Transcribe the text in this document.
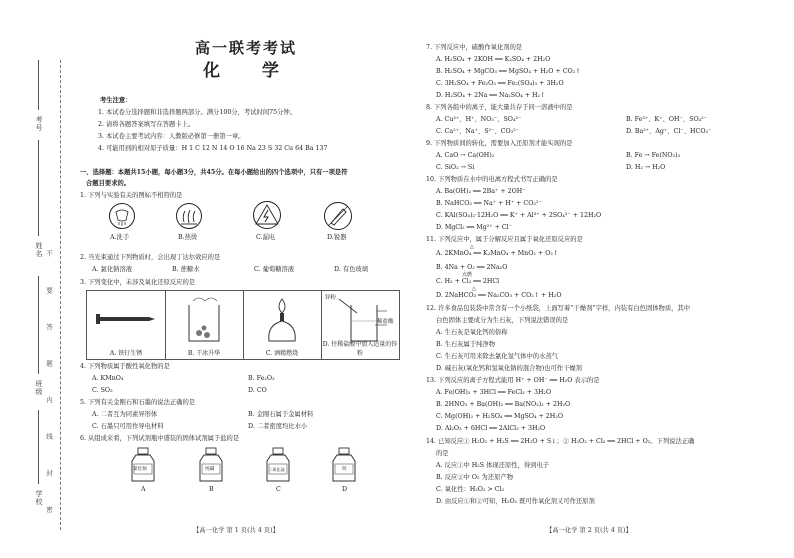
考号
姓名
班级
学校 不 要 答 题 内 线 封 密
高一联考考试
化 学
考生注意：
1. 本试卷分选择题和非选择题两部分。满分100分，考试时间75分钟。
2. 请将各题答案填写在答题卡上。
3. 本试卷主要考试内容：人教版必修第一册第一章。
4. 可能用到的相对原子质量：H 1 C 12 N 14 O 16 Na 23 S 32 Cu 64 Ba 137
一、选择题：本题共15小题，每小题3分，共45分。在每小题给出的四个选项中，只有一项是符
合题目要求的。
1. 下列与实验有关的图标不相符的是
A.洗手	B.热烫	C.漏电	D.锐器
2. 当光束通过下列物质时，会出现丁达尔效应的是
A. 氯化钠溶液	B. 蔗糖水	C. 葡萄糖溶液	D. 有色玻璃
3. 下列变化中，未涉及氧化还原反应的是
A. 铁钉生锈	B. 干冰升华	C. 酒精燃烧
锌粉
稀盐酸
D. 往稀盐酸中加入适量的锌粉
4. 下列物质属于酸性氧化物的是
A. KMnO₄	B. Fe₂O₃
C. SO₃	D. CO
5. 下列有关金刚石和石墨的说法正确的是
A. 二者互为同素异形体	B. 金刚石属于金属材料
C. 石墨只可用作导电材料	D. 二者密度均比水小
6. 从组成来看，下列试剂瓶中盛装的固体试剂属于盐的是
氯化钠	纯碱	二氧化硅	铁
A	B	C	D
【高一化学 第 1 页(共 4 页)】
7. 下列反应中，硫酸作氧化剂的是
A. H₂SO₄ + 2KOH ══ K₂SO₄ + 2H₂O
B. H₂SO₄ + MgCO₃ ══ MgSO₄ + H₂O + CO₂↑
C. 3H₂SO₄ + Fe₂O₃ ══ Fe₂(SO₄)₃ + 3H₂O
D. H₂SO₄ + 2Na ══ Na₂SO₄ + H₂↑
8. 下列各组中的离子，能大量共存于同一溶液中的是
A. Cu²⁺、H⁺、NO₃⁻、SO₄²⁻	B. Fe³⁺、K⁺、OH⁻、SO₄²⁻
C. Ca²⁺、Na⁺、S²⁻、CO₃²⁻	D. Ba²⁺、Ag⁺、Cl⁻、HCO₃⁻
9. 下列物质间的转化，需要加入还原剂才能实现的是
A. CaO → Ca(OH)₂	B. Fe → Fe(NO₃)₃
C. SiO₂ → Si	D. H₂ → H₂O
10. 下列物质在水中的电离方程式书写正确的是
A. Ba(OH)₂ ══ 2Ba⁺ + 2OH⁻
B. NaHCO₃ ══ Na⁺ + H⁺ + CO₃²⁻
C. KAl(SO₄)₂·12H₂O ══ K⁺ + Al³⁺ + 2SO₄²⁻ + 12H₂O
D. MgCl₂ ══ Mg²⁺ + Cl⁻
11. 下列反应中，属于分解反应且属于氧化还原反应的是
△
A. 2KMnO₄ ══ K₂MnO₄ + MnO₂ + O₂↑
B. 4Na + O₂ ══ 2Na₂O
点燃
C. H₂ + Cl₂ ══ 2HCl
△
D. 2NaHCO₃ ══ Na₂CO₃ + CO₂↑ + H₂O
12. 许多食品包装袋中常含有一个小纸袋，上面写着“干燥剂”字样，内装有白色固体物质，其中
白色固体主要成分为生石灰，下列说法错误的是
A. 生石灰是氧化钙的俗称
B. 生石灰属于纯净物
C. 生石灰可用来除去氯化氢气体中的水蒸气
D. 碱石灰(氧化钙和氢氧化钠的混合物)也可作干燥剂
13. 下列反应的离子方程式能用 H⁺ + OH⁻ ══ H₂O 表示的是
A. Fe(OH)₃ + 3HCl ══ FeCl₃ + 3H₂O
B. 2HNO₃ + Ba(OH)₂ ══ Ba(NO₃)₂ + 2H₂O
C. Mg(OH)₂ + H₂SO₄ ══ MgSO₄ + 2H₂O
D. Al₂O₃ + 6HCl ══ 2AlCl₃ + 3H₂O
14. 已知反应① H₂O₂ + H₂S ══ 2H₂O + S↓；② H₂O₂ + Cl₂ ══ 2HCl + O₂。下列说法正确
的是
A. 反应①中 H₂S 体现还原性，得到电子
B. 反应②中 O₂ 为还原产物
C. 氧化性：H₂O₂ > Cl₂
D. 由反应①和②可知，H₂O₂ 既可作氧化剂又可作还原剂
【高一化学 第 2 页(共 4 页)】
